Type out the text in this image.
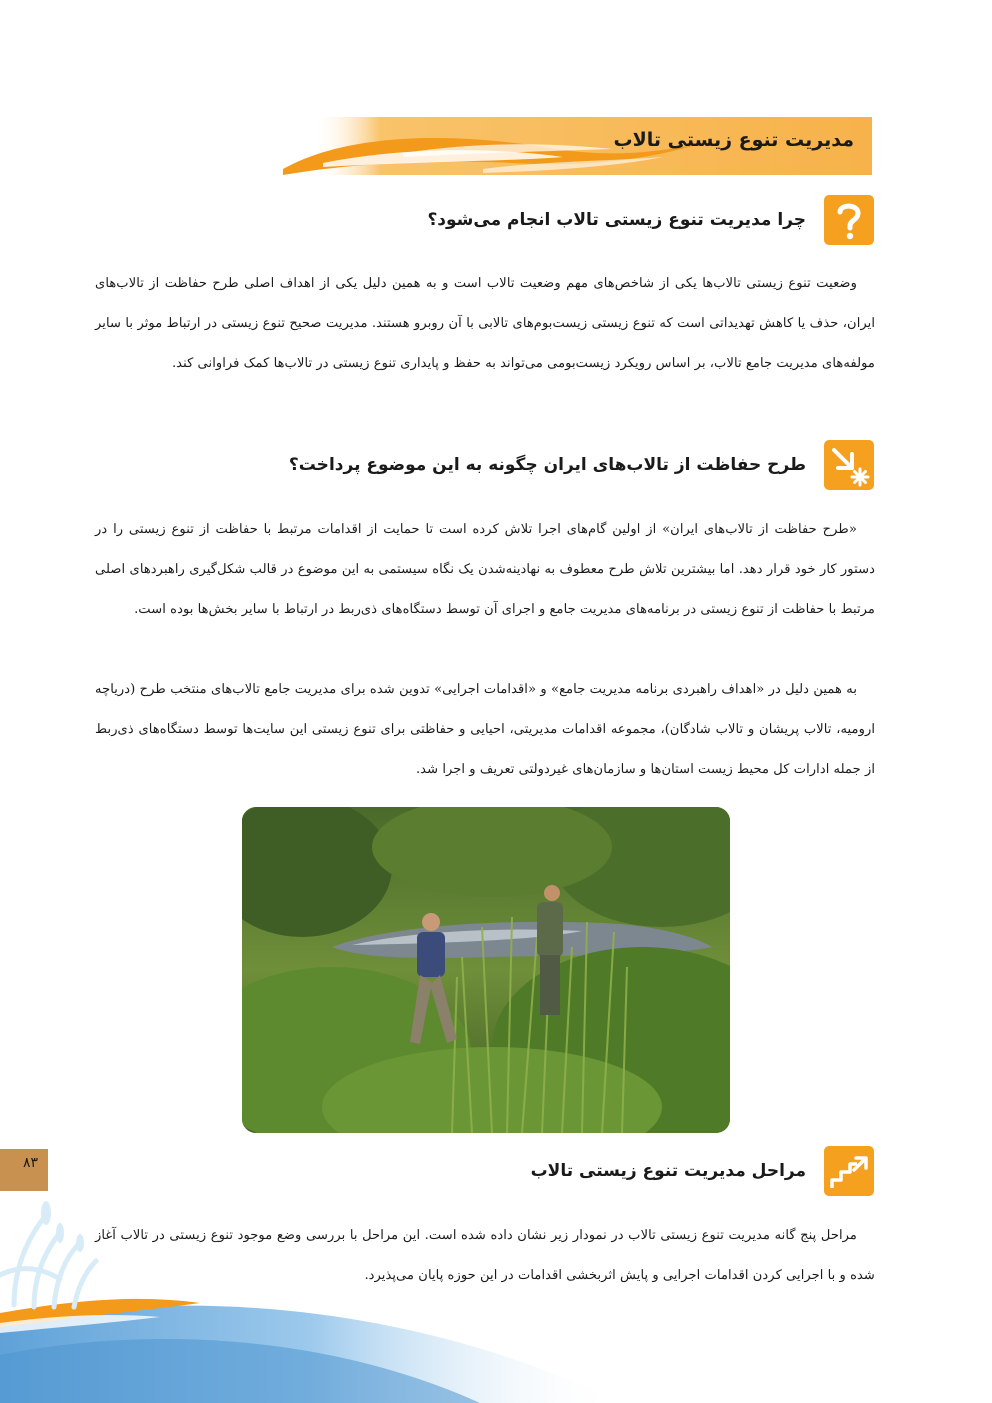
مدیریت تنوع زیستی تالاب
چرا مدیریت تنوع زیستی تالاب انجام می‌شود؟
وضعیت تنوع زیستی تالاب‌ها یکی از شاخص‌های مهم وضعیت تالاب است و به همین دلیل یکی از اهداف اصلی طرح حفاظت از تالاب‌های ایران، حذف یا کاهش تهدیداتی است که تنوع زیستی زیست‌بوم‌های تالابی با آن روبرو هستند. مدیریت صحیح تنوع زیستی در ارتباط موثر با سایر مولفه‌های مدیریت جامع تالاب، بر اساس رویکرد زیست‌بومی می‌تواند به حفظ و پایداری تنوع زیستی در تالاب‌ها کمک فراوانی کند.
طرح حفاظت از تالاب‌های ایران چگونه به این موضوع پرداخت؟
«طرح حفاظت از تالاب‌های ایران» از اولین گام‌های اجرا تلاش کرده است تا حمایت از اقدامات مرتبط با حفاظت از تنوع زیستی را در دستور کار خود قرار دهد. اما بیشترین تلاش طرح معطوف به نهادینه‌شدن یک نگاه سیستمی به این موضوع در قالب شکل‌گیری راهبردهای اصلی مرتبط با حفاظت از تنوع زیستی در برنامه‌های مدیریت جامع و اجرای آن توسط دستگاه‌های ذی‌ربط در ارتباط با سایر بخش‌ها بوده است.
به همین دلیل در «اهداف راهبردی برنامه مدیریت جامع» و «اقدامات اجرایی» تدوین شده برای مدیریت جامع تالاب‌های منتخب طرح (دریاچه ارومیه، تالاب پریشان و تالاب شادگان)، مجموعه اقدامات مدیریتی، احیایی و حفاظتی برای تنوع زیستی این سایت‌ها توسط دستگاه‌های ذی‌ربط از جمله ادارات کل محیط زیست استان‌ها و سازمان‌های غیردولتی تعریف و اجرا شد.
مراحل مدیریت تنوع زیستی تالاب
مراحل پنج گانه مدیریت تنوع زیستی تالاب در نمودار زیر نشان داده شده است. این مراحل با بررسی وضع موجود تنوع زیستی در تالاب آغاز شده و با اجرایی کردن اقدامات اجرایی و پایش اثربخشی اقدامات در این حوزه پایان می‌پذیرد.
۸۳
